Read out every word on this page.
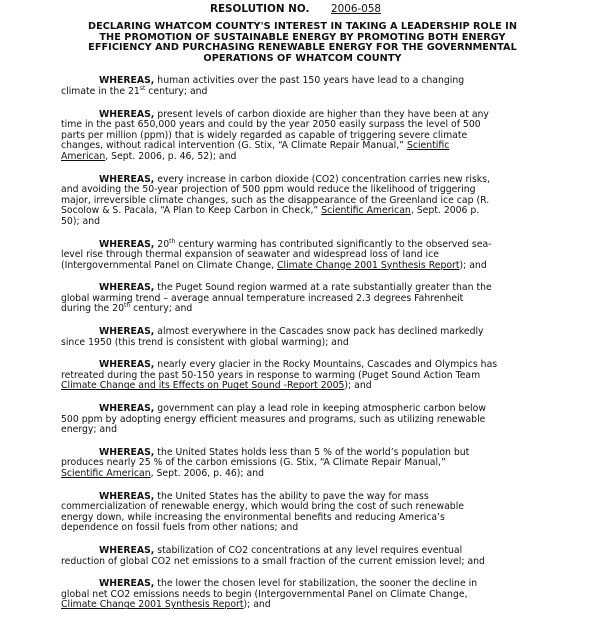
RESOLUTION NO. 2006-058

DECLARING WHATCOM COUNTY'S INTEREST IN TAKING A LEADERSHIP ROLE IN
THE PROMOTION OF SUSTAINABLE ENERGY BY PROMOTING BOTH ENERGY
EFFICIENCY AND PURCHASING RENEWABLE ENERGY FOR THE GOVERNMENTAL
OPERATIONS OF WHATCOM COUNTY

WHEREAS, human activities over the past 150 years have lead to a changing
climate in the 21st century; and

WHEREAS, present levels of carbon dioxide are higher than they have been at any
time in the past 650,000 years and could by the year 2050 easily surpass the level of 500
parts per million (ppm)) that is widely regarded as capable of triggering severe climate
changes, without radical intervention (G. Stix, “A Climate Repair Manual,” Scientific
American, Sept. 2006, p. 46, 52); and

WHEREAS, every increase in carbon dioxide (CO2) concentration carries new risks,
and avoiding the 50-year projection of 500 ppm would reduce the likelihood of triggering
major, irreversible climate changes, such as the disappearance of the Greenland ice cap (R.
Socolow & S. Pacala, “A Plan to Keep Carbon in Check,” Scientific American, Sept. 2006 p.
50); and

WHEREAS, 20th century warming has contributed significantly to the observed sea-
level rise through thermal expansion of seawater and widespread loss of land ice
(Intergovernmental Panel on Climate Change, Climate Change 2001 Synthesis Report); and

WHEREAS, the Puget Sound region warmed at a rate substantially greater than the
global warming trend – average annual temperature increased 2.3 degrees Fahrenheit
during the 20th century; and

WHEREAS, almost everywhere in the Cascades snow pack has declined markedly
since 1950 (this trend is consistent with global warming); and

WHEREAS, nearly every glacier in the Rocky Mountains, Cascades and Olympics has
retreated during the past 50-150 years in response to warming (Puget Sound Action Team
Climate Change and its Effects on Puget Sound -Report 2005); and

WHEREAS, government can play a lead role in keeping atmospheric carbon below
500 ppm by adopting energy efficient measures and programs, such as utilizing renewable
energy; and

WHEREAS, the United States holds less than 5 % of the world’s population but
produces nearly 25 % of the carbon emissions (G. Stix, “A Climate Repair Manual,”
Scientific American, Sept. 2006, p. 46); and

WHEREAS, the United States has the ability to pave the way for mass
commercialization of renewable energy, which would bring the cost of such renewable
energy down, while increasing the environmental benefits and reducing America’s
dependence on fossil fuels from other nations; and

WHEREAS, stabilization of CO2 concentrations at any level requires eventual
reduction of global CO2 net emissions to a small fraction of the current emission level; and

WHEREAS, the lower the chosen level for stabilization, the sooner the decline in
global net CO2 emissions needs to begin (Intergovernmental Panel on Climate Change,
Climate Change 2001 Synthesis Report); and
